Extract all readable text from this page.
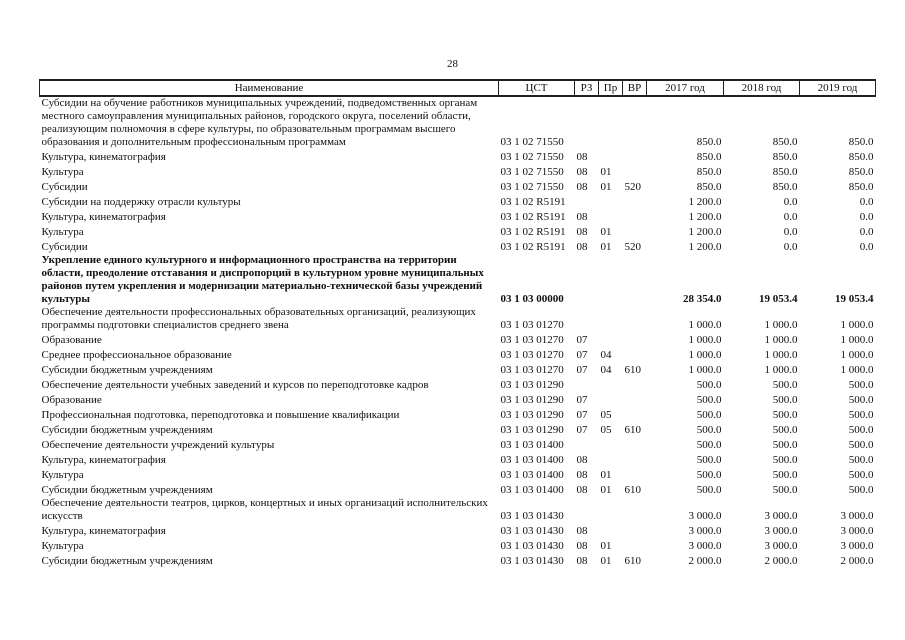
28
Наименование	ЦСТ	РЗ	Пр	ВР	2017 год	2018 год	2019 год
Субсидии на обучение работников муниципальных учреждений, подведомственных органам местного самоуправления муниципальных районов, городского округа, поселений области, реализующим полномочия в сфере культуры, по образовательным программам высшего образования и дополнительным профессиональным программам	03 1 02 71550				850.0	850.0	850.0
Культура, кинематография	03 1 02 71550	08			850.0	850.0	850.0
Культура	03 1 02 71550	08	01		850.0	850.0	850.0
Субсидии	03 1 02 71550	08	01	520	850.0	850.0	850.0
Субсидии на поддержку отрасли культуры	03 1 02 R5191				1 200.0	0.0	0.0
Культура, кинематография	03 1 02 R5191	08			1 200.0	0.0	0.0
Культура	03 1 02 R5191	08	01		1 200.0	0.0	0.0
Субсидии	03 1 02 R5191	08	01	520	1 200.0	0.0	0.0
Укрепление единого культурного и информационного пространства на территории области, преодоление отставания и диспропорций в культурном уровне муниципальных районов путем укрепления и модернизации материально-технической базы учреждений культуры	03 1 03 00000				28 354.0	19 053.4	19 053.4
Обеспечение деятельности профессиональных образовательных организаций, реализующих программы подготовки специалистов среднего звена	03 1 03 01270				1 000.0	1 000.0	1 000.0
Образование	03 1 03 01270	07			1 000.0	1 000.0	1 000.0
Среднее профессиональное образование	03 1 03 01270	07	04		1 000.0	1 000.0	1 000.0
Субсидии бюджетным учреждениям	03 1 03 01270	07	04	610	1 000.0	1 000.0	1 000.0
Обеспечение деятельности учебных заведений и курсов по переподготовке кадров	03 1 03 01290				500.0	500.0	500.0
Образование	03 1 03 01290	07			500.0	500.0	500.0
Профессиональная подготовка, переподготовка и повышение квалификации	03 1 03 01290	07	05		500.0	500.0	500.0
Субсидии бюджетным учреждениям	03 1 03 01290	07	05	610	500.0	500.0	500.0
Обеспечение деятельности учреждений культуры	03 1 03 01400				500.0	500.0	500.0
Культура, кинематография	03 1 03 01400	08			500.0	500.0	500.0
Культура	03 1 03 01400	08	01		500.0	500.0	500.0
Субсидии бюджетным учреждениям	03 1 03 01400	08	01	610	500.0	500.0	500.0
Обеспечение деятельности театров, цирков, концертных и иных организаций исполнительских искусств	03 1 03 01430				3 000.0	3 000.0	3 000.0
Культура, кинематография	03 1 03 01430	08			3 000.0	3 000.0	3 000.0
Культура	03 1 03 01430	08	01		3 000.0	3 000.0	3 000.0
Субсидии бюджетным учреждениям	03 1 03 01430	08	01	610	2 000.0	2 000.0	2 000.0
